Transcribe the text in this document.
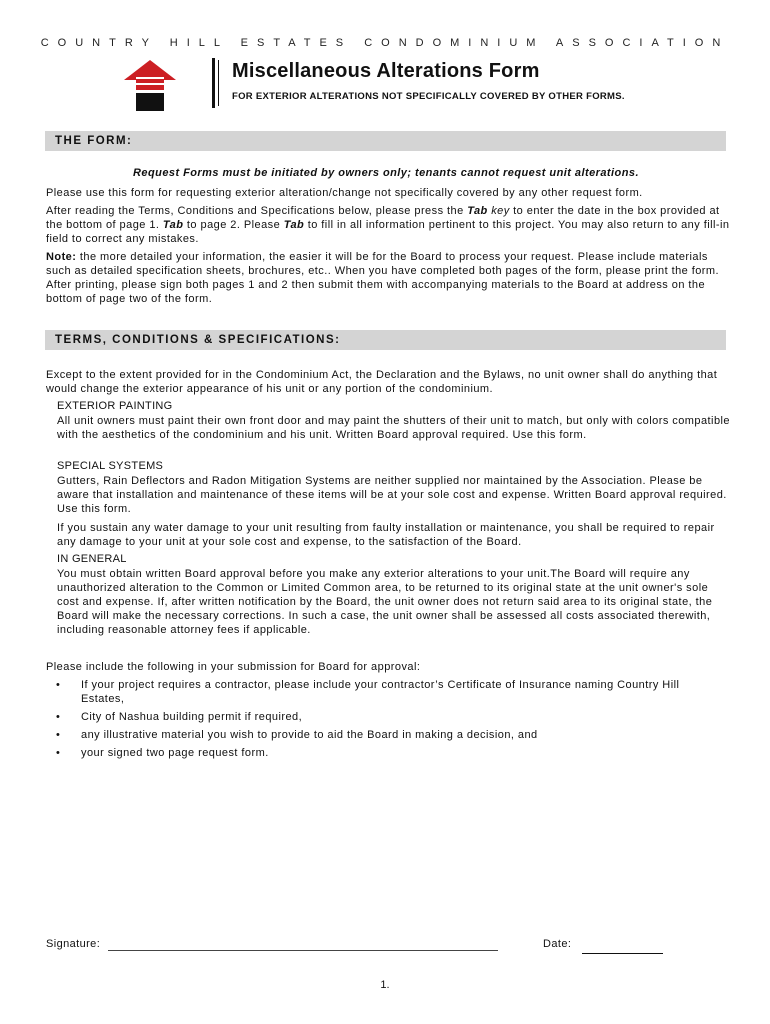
COUNTRY HILL ESTATES CONDOMINIUM ASSOCIATION
Miscellaneous Alterations Form
FOR EXTERIOR ALTERATIONS NOT SPECIFICALLY COVERED BY OTHER FORMS.
THE FORM:

Request Forms must be initiated by owners only; tenants cannot request unit alterations.

Please use this form for requesting exterior alteration/change not specifically covered by any other request form.

After reading the Terms, Conditions and Specifications below, please press the Tab key to enter the date in the box provided at the bottom of page 1. Tab to page 2. Please Tab to fill in all information pertinent to this project. You may also return to any fill-in field to correct any mistakes.

Note: the more detailed your information, the easier it will be for the Board to process your request. Please include materials such as detailed specification sheets, brochures, etc.. When you have completed both pages of the form, please print the form. After printing, please sign both pages 1 and 2 then submit them with accompanying materials to the Board at address on the bottom of page two of the form.

TERMS, CONDITIONS & SPECIFICATIONS:

Except to the extent provided for in the Condominium Act, the Declaration and the Bylaws, no unit owner shall do anything that would change the exterior appearance of his unit or any portion of the condominium.

EXTERIOR PAINTING

All unit owners must paint their own front door and may paint the shutters of their unit to match, but only with colors compatible with the aesthetics of the condominium and his unit. Written Board approval required. Use this form.

SPECIAL SYSTEMS

Gutters, Rain Deflectors and Radon Mitigation Systems are neither supplied nor maintained by the Association. Please be aware that installation and maintenance of these items will be at your sole cost and expense. Written Board approval required. Use this form.

If you sustain any water damage to your unit resulting from faulty installation or maintenance, you shall be required to repair any damage to your unit at your sole cost and expense, to the satisfaction of the Board.

IN GENERAL

You must obtain written Board approval before you make any exterior alterations to your unit.The Board will require any unauthorized alteration to the Common or Limited Common area, to be returned to its original state at the unit owner's sole cost and expense. If, after written notification by the Board, the unit owner does not return said area to its original state, the Board will make the necessary corrections. In such a case, the unit owner shall be assessed all costs associated therewith, including reasonable attorney fees if applicable.

Please include the following in your submission for Board for approval:

• If your project requires a contractor, please include your contractor’s Certificate of Insurance naming Country Hill Estates,
• City of Nashua building permit if required,
• any illustrative material you wish to provide to aid the Board in making a decision, and
• your signed two page request form.
Signature:	Date:
1.
